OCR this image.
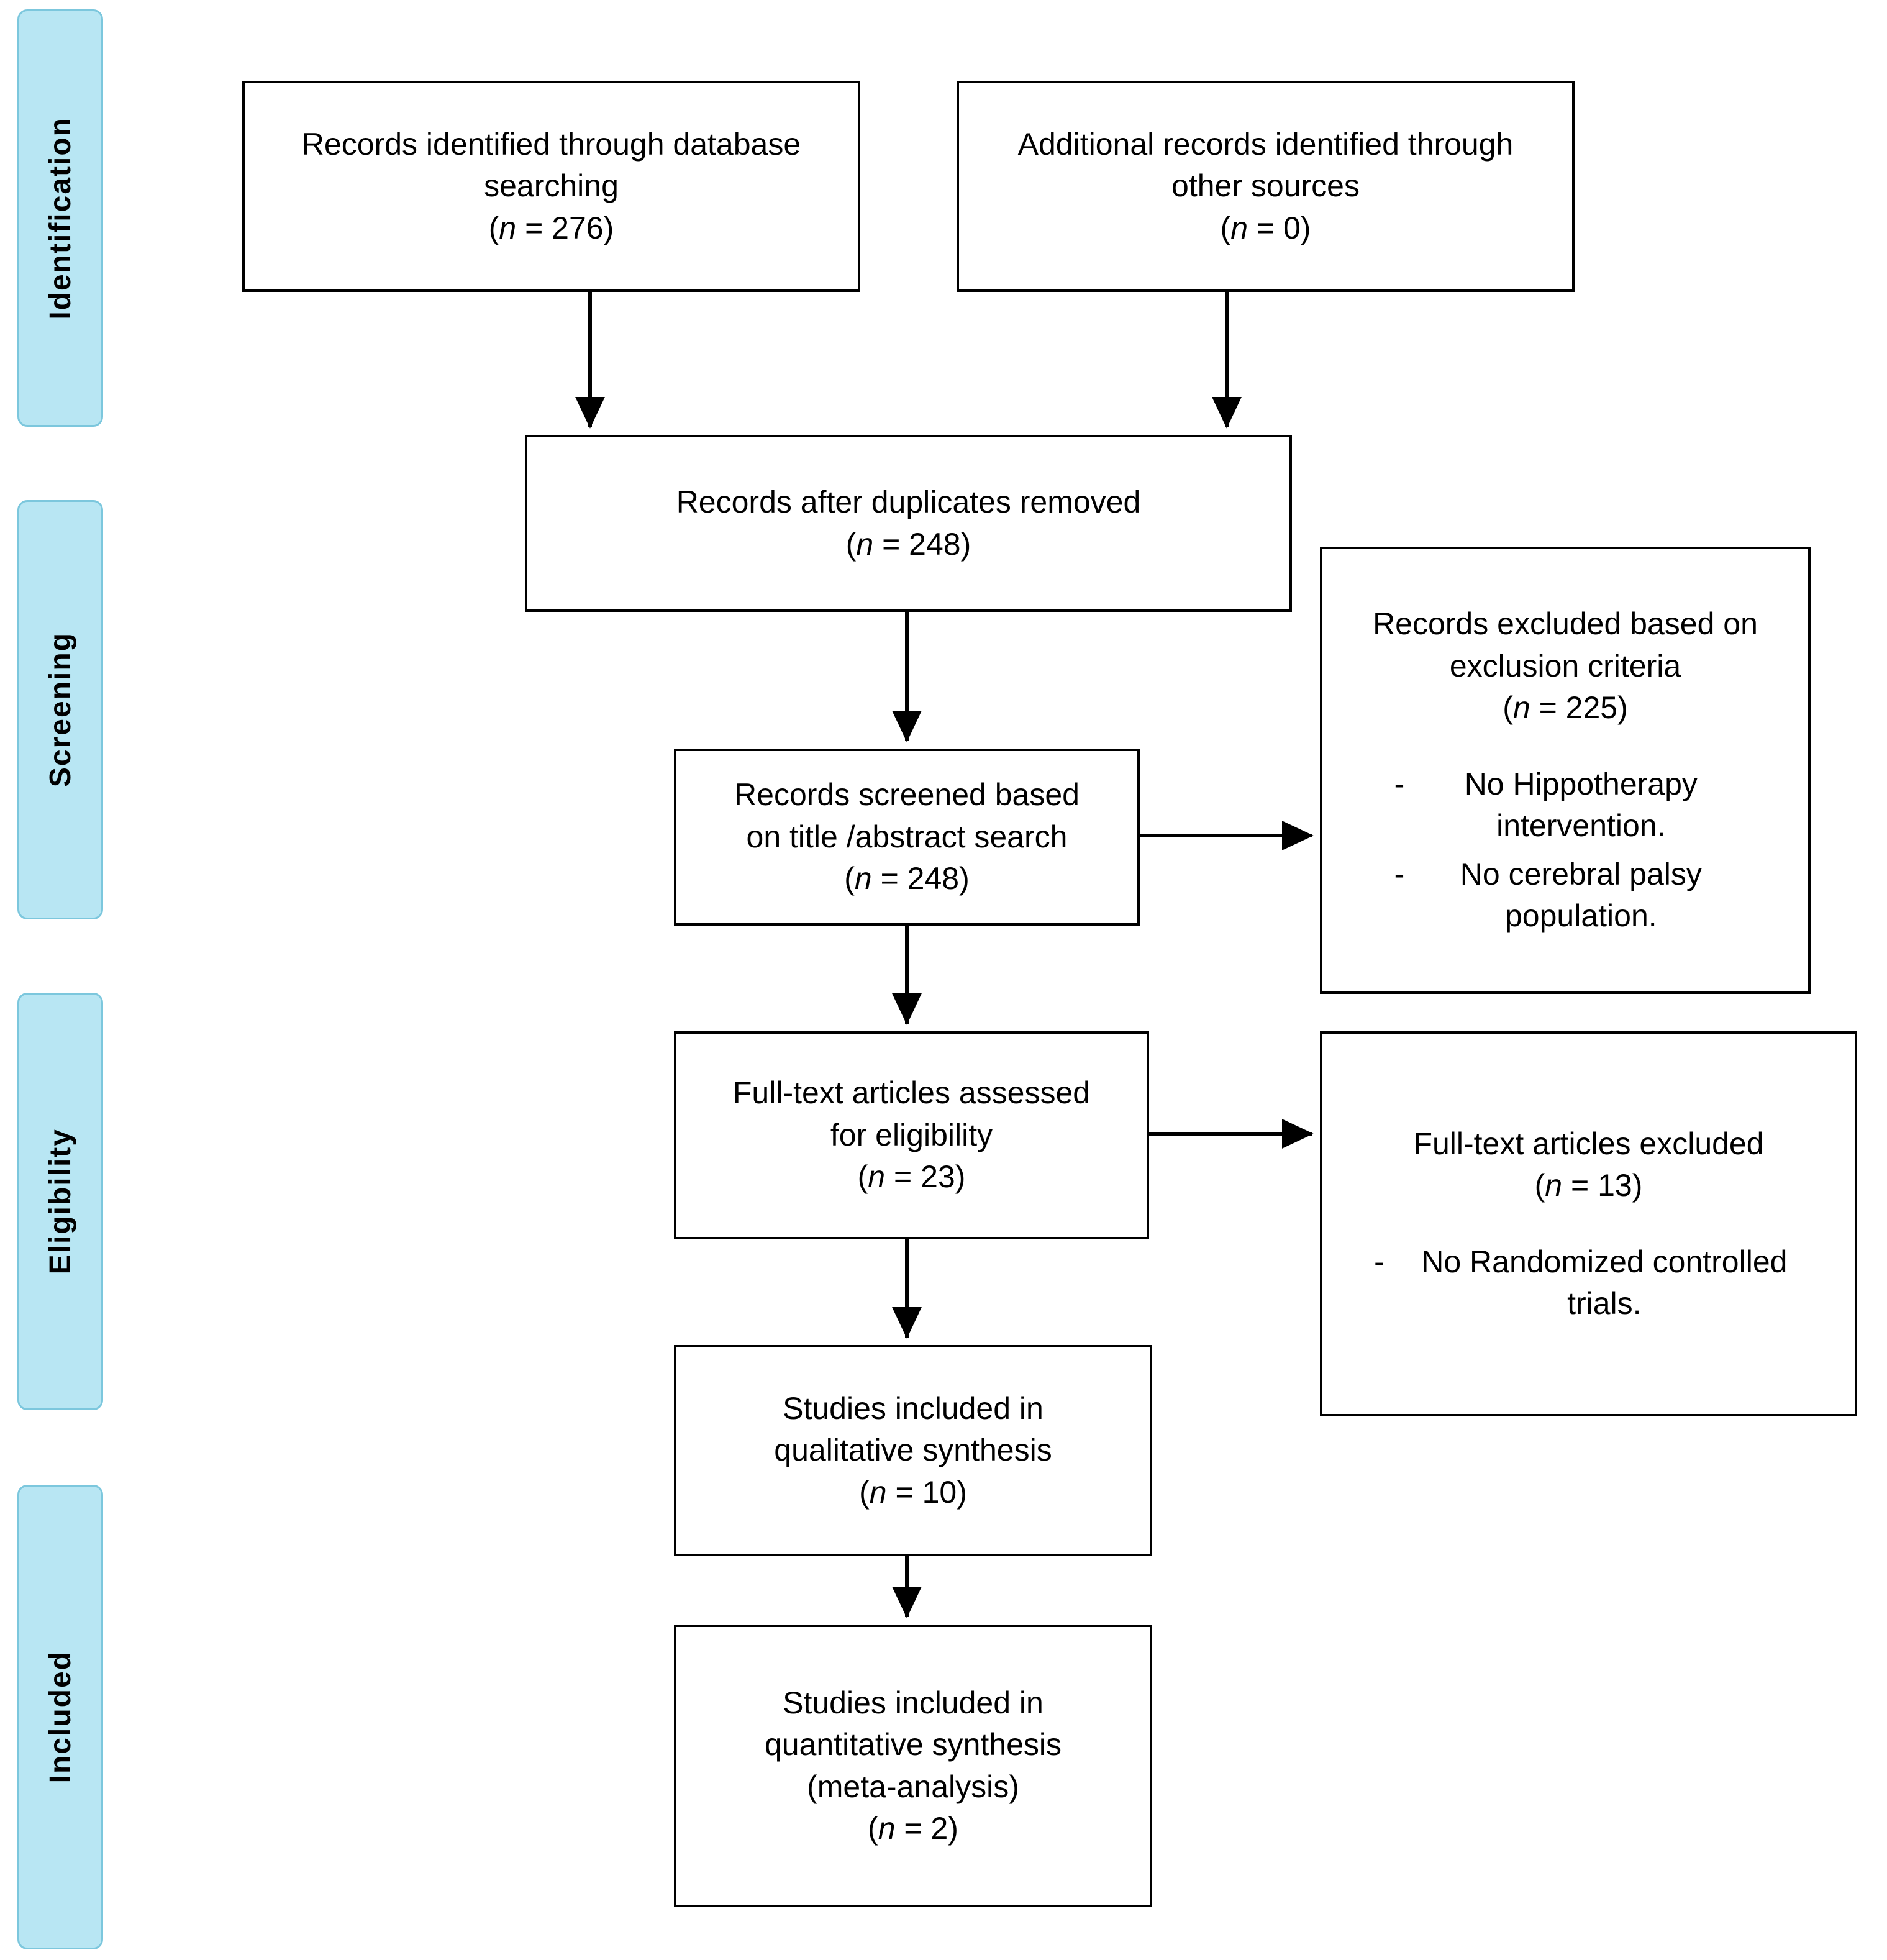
Identification
Screening
Eligibility
Included
Records identified through database
searching
(n = 276)
Additional records identified through
other sources
(n = 0)
Records after duplicates removed
(n = 248)
Records screened based
on title /abstract search
(n = 248)
Records excluded based on
exclusion criteria
(n = 225)
-	No Hippotherapy intervention.
-	No cerebral palsy population.
Full-text articles assessed
for eligibility
(n = 23)
Full-text articles excluded
(n = 13)
-	No Randomized controlled trials.
Studies included in
qualitative synthesis
(n = 10)
Studies included in
quantitative synthesis
(meta-analysis)
(n = 2)
